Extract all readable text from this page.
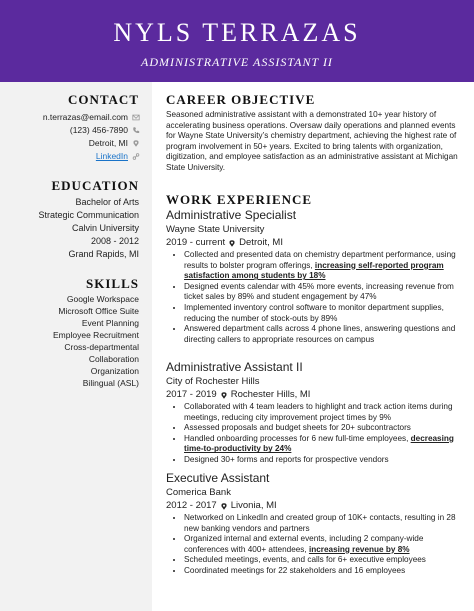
NYLS TERRAZAS
ADMINISTRATIVE ASSISTANT II
CONTACT
n.terrazas@email.com
(123) 456-7890
Detroit, MI
LinkedIn
EDUCATION
Bachelor of Arts
Strategic Communication
Calvin University
2008 - 2012
Grand Rapids, MI
SKILLS
Google Workspace
Microsoft Office Suite
Event Planning
Employee Recruitment
Cross-departmental
Collaboration
Organization
Bilingual (ASL)
CAREER OBJECTIVE
Seasoned administrative assistant with a demonstrated 10+ year history of accelerating business operations. Oversaw daily operations and planned events for Wayne State University’s chemistry department, achieving the highest rate of program involvement in 50+ years. Excited to bring talents with organization, digitization, and employee satisfaction as an administrative assistant at Michigan State University.
WORK EXPERIENCE
Administrative Specialist
Wayne State University
2019 - current Detroit, MI
• Collected and presented data on chemistry department performance, using results to bolster program offerings, increasing self-reported program satisfaction among students by 18%
• Designed events calendar with 45% more events, increasing revenue from ticket sales by 89% and student engagement by 47%
• Implemented inventory control software to monitor department supplies, reducing the number of stock-outs by 89%
• Answered department calls across 4 phone lines, answering questions and directing callers to appropriate resources on campus
Administrative Assistant II
City of Rochester Hills
2017 - 2019 Rochester Hills, MI
• Collaborated with 4 team leaders to highlight and track action items during meetings, reducing city improvement project times by 9%
• Assessed proposals and budget sheets for 20+ subcontractors
• Handled onboarding processes for 6 new full-time employees, decreasing time-to-productivity by 24%
• Designed 30+ forms and reports for prospective vendors
Executive Assistant
Comerica Bank
2012 - 2017 Livonia, MI
• Networked on LinkedIn and created group of 10K+ contacts, resulting in 28 new banking vendors and partners
• Organized internal and external events, including 2 company-wide conferences with 400+ attendees, increasing revenue by 8%
• Scheduled meetings, events, and calls for 6+ executive employees
• Coordinated meetings for 22 stakeholders and 16 employees
